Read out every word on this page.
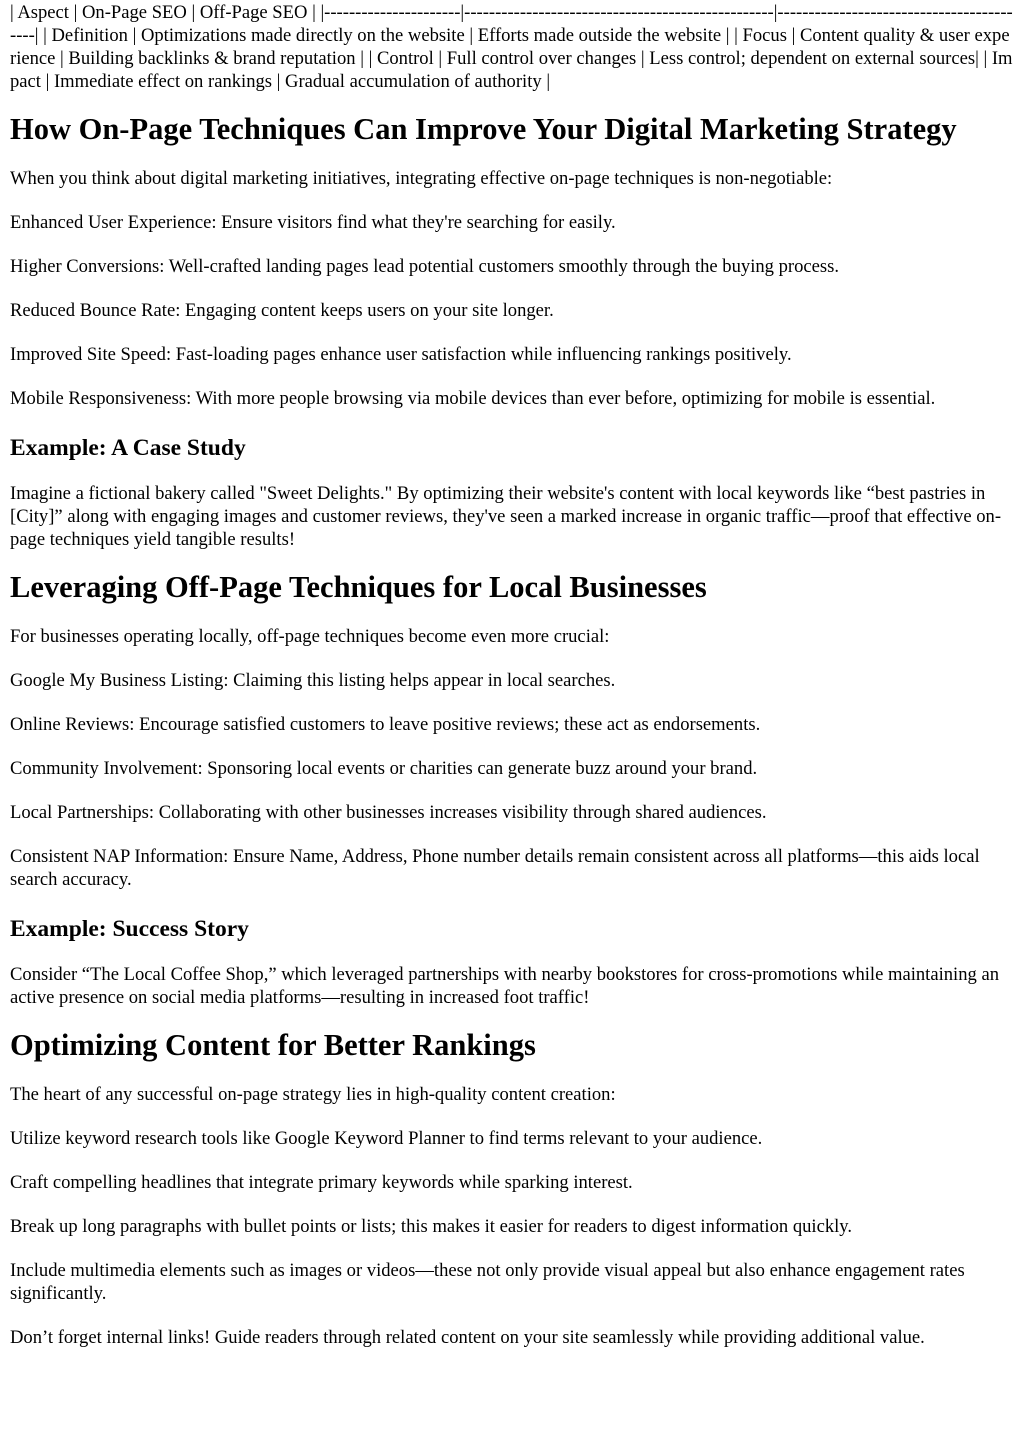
| Aspect | On-Page SEO | Off-Page SEO | |----------------------|--------------------------------------------------|------------------------------------------| | Definition | Optimizations made directly on the website | Efforts made outside the website | | Focus | Content quality & user experience | Building backlinks & brand reputation | | Control | Full control over changes | Less control; dependent on external sources| | Impact | Immediate effect on rankings | Gradual accumulation of authority |

How On-Page Techniques Can Improve Your Digital Marketing Strategy

When you think about digital marketing initiatives, integrating effective on-page techniques is non-negotiable:

Enhanced User Experience: Ensure visitors find what they're searching for easily.

Higher Conversions: Well-crafted landing pages lead potential customers smoothly through the buying process.

Reduced Bounce Rate: Engaging content keeps users on your site longer.

Improved Site Speed: Fast-loading pages enhance user satisfaction while influencing rankings positively.

Mobile Responsiveness: With more people browsing via mobile devices than ever before, optimizing for mobile is essential.

Example: A Case Study

Imagine a fictional bakery called "Sweet Delights." By optimizing their website's content with local keywords like “best pastries in [City]” along with engaging images and customer reviews, they've seen a marked increase in organic traffic—proof that effective on-page techniques yield tangible results!

Leveraging Off-Page Techniques for Local Businesses

For businesses operating locally, off-page techniques become even more crucial:

Google My Business Listing: Claiming this listing helps appear in local searches.

Online Reviews: Encourage satisfied customers to leave positive reviews; these act as endorsements.

Community Involvement: Sponsoring local events or charities can generate buzz around your brand.

Local Partnerships: Collaborating with other businesses increases visibility through shared audiences.

Consistent NAP Information: Ensure Name, Address, Phone number details remain consistent across all platforms—this aids local search accuracy.

Example: Success Story

Consider “The Local Coffee Shop,” which leveraged partnerships with nearby bookstores for cross-promotions while maintaining an active presence on social media platforms—resulting in increased foot traffic!

Optimizing Content for Better Rankings

The heart of any successful on-page strategy lies in high-quality content creation:

Utilize keyword research tools like Google Keyword Planner to find terms relevant to your audience.

Craft compelling headlines that integrate primary keywords while sparking interest.

Break up long paragraphs with bullet points or lists; this makes it easier for readers to digest information quickly.

Include multimedia elements such as images or videos—these not only provide visual appeal but also enhance engagement rates significantly.

Don’t forget internal links! Guide readers through related content on your site seamlessly while providing additional value.
